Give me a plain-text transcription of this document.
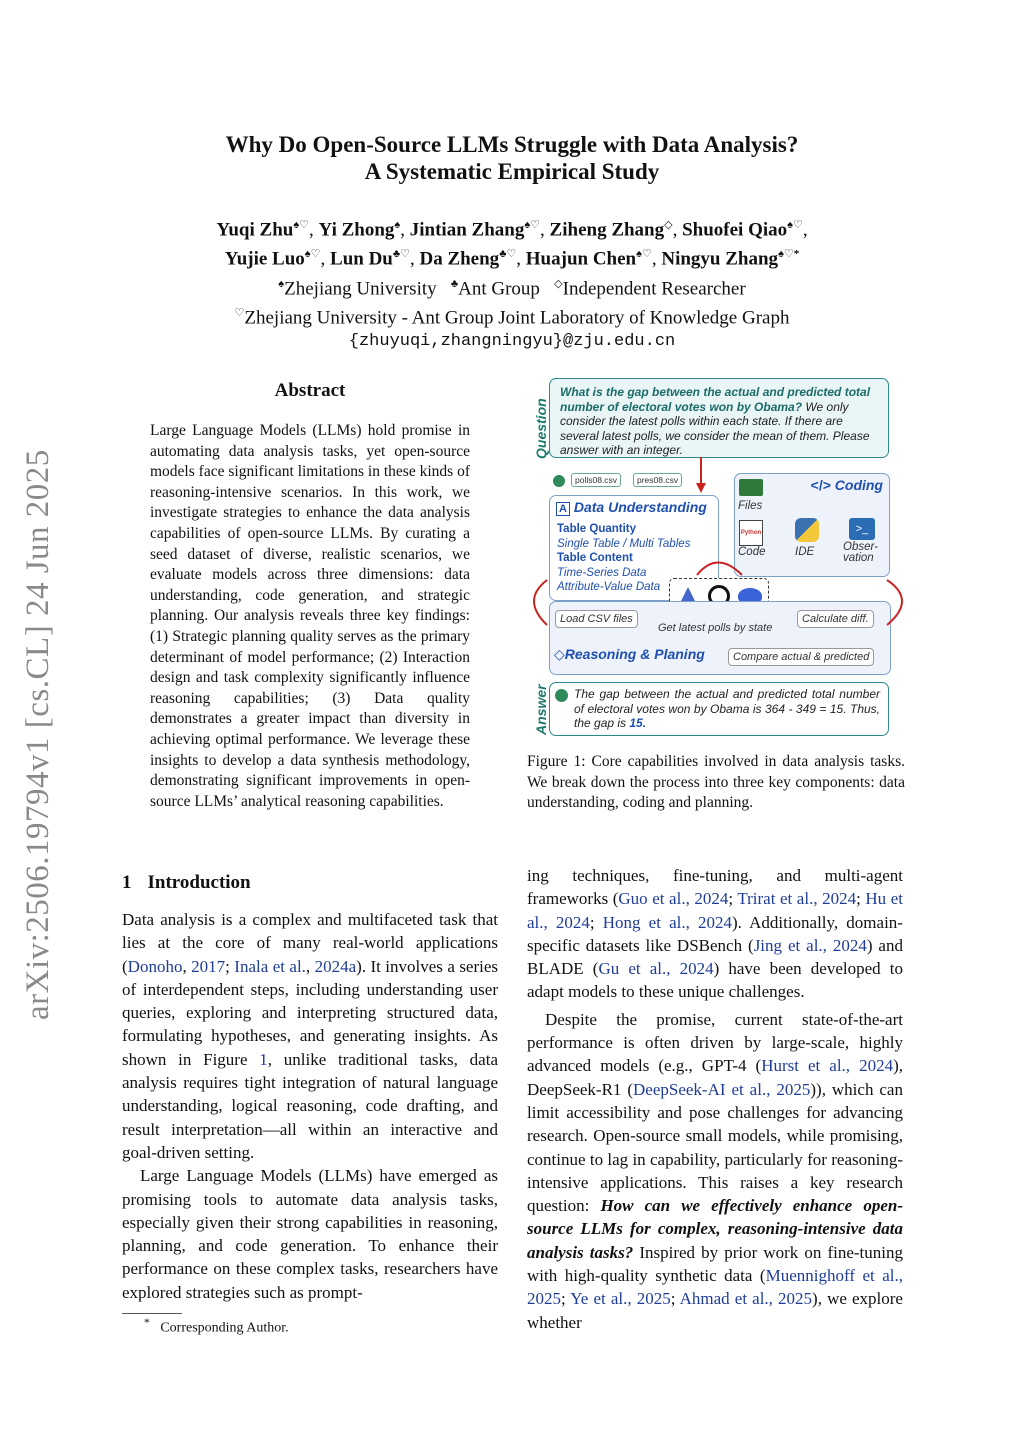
arXiv:2506.19794v1 [cs.CL] 24 Jun 2025
Why Do Open-Source LLMs Struggle with Data Analysis?
A Systematic Empirical Study
Yuqi Zhu♠♡, Yi Zhong♠, Jintian Zhang♠♡, Ziheng Zhang◇, Shuofei Qiao♠♡,
Yujie Luo♠♡, Lun Du♣♡, Da Zheng♣♡, Huajun Chen♠♡, Ningyu Zhang♠♡*
♠Zhejiang University ♣Ant Group ◇Independent Researcher
♡Zhejiang University - Ant Group Joint Laboratory of Knowledge Graph
{zhuyuqi,zhangningyu}@zju.edu.cn
Abstract
Large Language Models (LLMs) hold promise in automating data analysis tasks, yet open-source models face significant limitations in these kinds of reasoning-intensive scenarios. In this work, we investigate strategies to enhance the data analysis capabilities of open-source LLMs. By curating a seed dataset of diverse, realistic scenarios, we evaluate models across three dimensions: data understanding, code generation, and strategic planning. Our analysis reveals three key findings: (1) Strategic planning quality serves as the primary determinant of model performance; (2) Interaction design and task complexity significantly influence reasoning capabilities; (3) Data quality demonstrates a greater impact than diversity in achieving optimal performance. We leverage these insights to develop a data synthesis methodology, demonstrating significant improvements in open-source LLMs’ analytical reasoning capabilities.
Question
What is the gap between the actual and predicted total number of electoral votes won by Obama? We only consider the latest polls within each state. If there are several latest polls, we consider the mean of them. Please answer with an integer.
polls08.csv	pres08.csv
A Data Understanding
Table Quantity
Single Table / Multi Tables
Table Content
Time-Series Data
Attribute-Value Data
</> Coding
Files
Python
Code	IDE
>_
Obser-vation
Load CSV files
Get latest polls by state
Calculate diff.
◇Reasoning & Planing	Compare actual & predicted
Answer The gap between the actual and predicted total number of electoral votes won by Obama is 364 - 349 = 15. Thus, the gap is 15.
Figure 1: Core capabilities involved in data analysis tasks. We break down the process into three key components: data understanding, coding and planning.
1 Introduction

Data analysis is a complex and multifaceted task that lies at the core of many real-world applications (Donoho, 2017; Inala et al., 2024a). It involves a series of interdependent steps, including understanding user queries, exploring and interpreting structured data, formulating hypotheses, and generating insights. As shown in Figure 1, unlike traditional tasks, data analysis requires tight integration of natural language understanding, logical reasoning, code drafting, and result interpretation—all within an interactive and goal-driven setting.

Large Language Models (LLMs) have emerged as promising tools to automate data analysis tasks, especially given their strong capabilities in reasoning, planning, and code generation. To enhance their performance on these complex tasks, researchers have explored strategies such as prompt-

* Corresponding Author.

ing techniques, fine-tuning, and multi-agent frameworks (Guo et al., 2024; Trirat et al., 2024; Hu et al., 2024; Hong et al., 2024). Additionally, domain-specific datasets like DSBench (Jing et al., 2024) and BLADE (Gu et al., 2024) have been developed to adapt models to these unique challenges.

Despite the promise, current state-of-the-art performance is often driven by large-scale, highly advanced models (e.g., GPT-4 (Hurst et al., 2024), DeepSeek-R1 (DeepSeek-AI et al., 2025)), which can limit accessibility and pose challenges for advancing research. Open-source small models, while promising, continue to lag in capability, particularly for reasoning-intensive applications. This raises a key research question: How can we effectively enhance open-source LLMs for complex, reasoning-intensive data analysis tasks? Inspired by prior work on fine-tuning with high-quality synthetic data (Muennighoff et al., 2025; Ye et al., 2025; Ahmad et al., 2025), we explore whether
